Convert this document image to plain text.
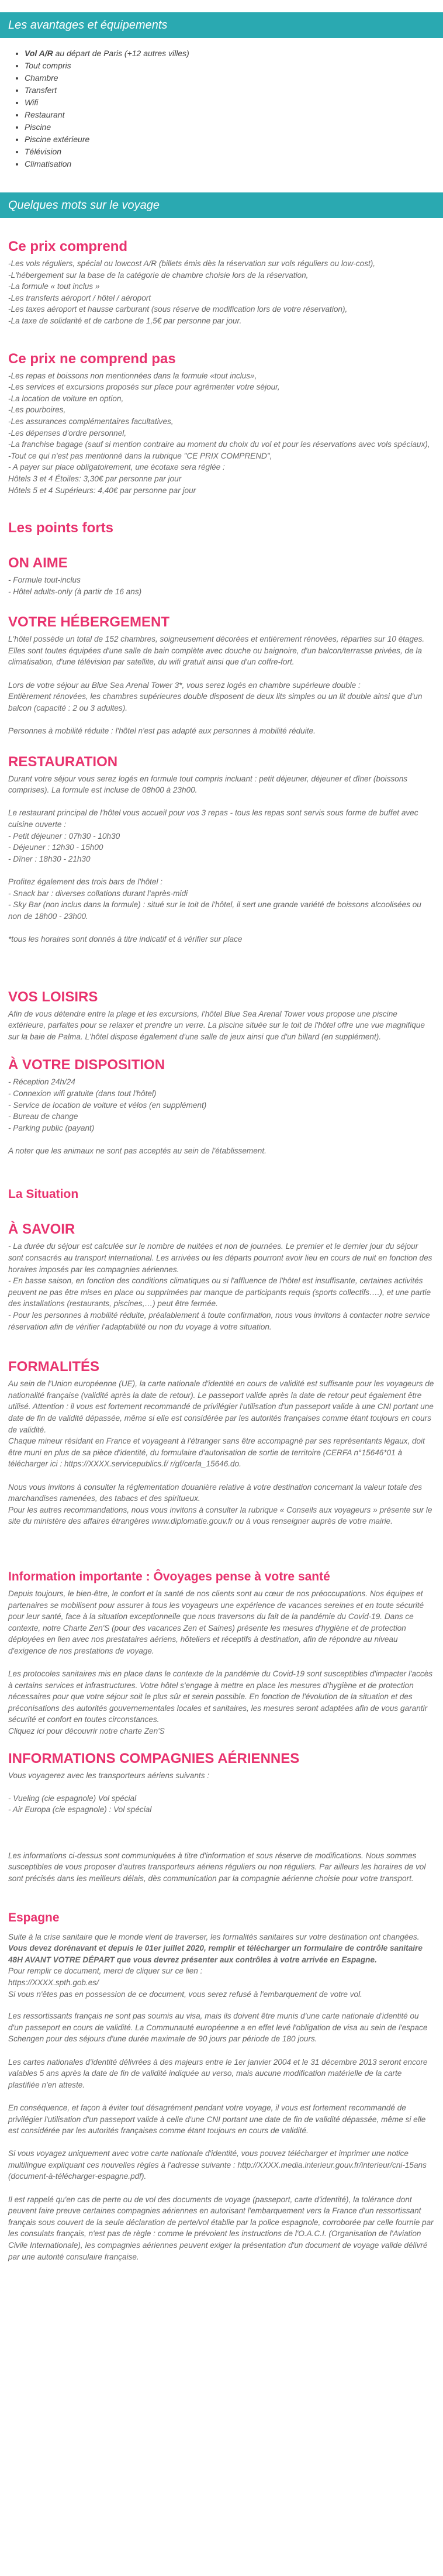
Les avantages et équipements
• Vol A/R au départ de Paris (+12 autres villes)
• Tout compris
• Chambre
• Transfert
• Wifi
• Restaurant
• Piscine
• Piscine extérieure
• Télévision
• Climatisation
Quelques mots sur le voyage
Ce prix comprend

-Les vols réguliers, spécial ou lowcost A/R (billets émis dès la réservation sur vols réguliers ou low-cost),
-L'hébergement sur la base de la catégorie de chambre choisie lors de la réservation,
-La formule « tout inclus »
-Les transferts aéroport / hôtel / aéroport
-Les taxes aéroport et hausse carburant (sous réserve de modification lors de votre réservation),
-La taxe de solidarité et de carbone de 1,5€ par personne par jour.

Ce prix ne comprend pas

-Les repas et boissons non mentionnées dans la formule «tout inclus»,
-Les services et excursions proposés sur place pour agrémenter votre séjour,
-La location de voiture en option,
-Les pourboires,
-Les assurances complémentaires facultatives,
-Les dépenses d'ordre personnel,
-La franchise bagage (sauf si mention contraire au moment du choix du vol et pour les réservations avec vols spéciaux),
-Tout ce qui n'est pas mentionné dans la rubrique "CE PRIX COMPREND",
- A payer sur place obligatoirement, une écotaxe sera réglée :
Hôtels 3 et 4 Étoiles: 3,30€ par personne par jour
Hôtels 5 et 4 Supérieurs: 4,40€ par personne par jour

Les points forts
ON AIME

- Formule tout-inclus
- Hôtel adults-only (à partir de 16 ans)

VOTRE HÉBERGEMENT

L'hôtel possède un total de 152 chambres, soigneusement décorées et entièrement rénovées, réparties sur 10 étages. Elles sont toutes équipées d'une salle de bain complète avec douche ou baignoire, d'un balcon/terrasse privées, de la climatisation, d'une télévision par satellite, du wifi gratuit ainsi que d'un coffre-fort.

Lors de votre séjour au Blue Sea Arenal Tower 3*, vous serez logés en chambre supérieure double :
Entièrement rénovées, les chambres supérieures double disposent de deux lits simples ou un lit double ainsi que d'un balcon (capacité : 2 ou 3 adultes).

Personnes à mobilité réduite : l'hôtel n'est pas adapté aux personnes à mobilité réduite.

RESTAURATION

Durant votre séjour vous serez logés en formule tout compris incluant : petit déjeuner, déjeuner et dîner (boissons comprises). La formule est incluse de 08h00 à 23h00.

Le restaurant principal de l'hôtel vous accueil pour vos 3 repas - tous les repas sont servis sous forme de buffet avec cuisine ouverte :
- Petit déjeuner : 07h30 - 10h30
- Déjeuner : 12h30 - 15h00
- Dîner : 18h30 - 21h30

Profitez également des trois bars de l'hôtel :
- Snack bar : diverses collations durant l'après-midi
- Sky Bar (non inclus dans la formule) : situé sur le toit de l'hôtel, il sert une grande variété de boissons alcoolisées ou non de 18h00 - 23h00.

*tous les horaires sont donnés à titre indicatif et à vérifier sur place

VOS LOISIRS

Afin de vous détendre entre la plage et les excursions, l'hôtel Blue Sea Arenal Tower vous propose une piscine extérieure, parfaites pour se relaxer et prendre un verre. La piscine située sur le toit de l'hôtel offre une vue magnifique sur la baie de Palma. L'hôtel dispose également d'une salle de jeux ainsi que d'un billard (en supplément).

À VOTRE DISPOSITION

- Réception 24h/24
- Connexion wifi gratuite (dans tout l'hôtel)
- Service de location de voiture et vélos (en supplément)
- Bureau de change
- Parking public (payant)

A noter que les animaux ne sont pas acceptés au sein de l'établissement.

La Situation
À SAVOIR

- La durée du séjour est calculée sur le nombre de nuitées et non de journées. Le premier et le dernier jour du séjour sont consacrés au transport international. Les arrivées ou les départs pourront avoir lieu en cours de nuit en fonction des horaires imposés par les compagnies aériennes.
- En basse saison, en fonction des conditions climatiques ou si l'affluence de l'hôtel est insuffisante, certaines activités peuvent ne pas être mises en place ou supprimées par manque de participants requis (sports collectifs….), et une partie des installations (restaurants, piscines,…) peut être fermée.
- Pour les personnes à mobilité réduite, préalablement à toute confirmation, nous vous invitons à contacter notre service réservation afin de vérifier l'adaptabilité ou non du voyage à votre situation.

FORMALITÉS

Au sein de l'Union européenne (UE), la carte nationale d'identité en cours de validité est suffisante pour les voyageurs de nationalité française (validité après la date de retour). Le passeport valide après la date de retour peut également être utilisé. Attention : il vous est fortement recommandé de privilégier l'utilisation d'un passeport valide à une CNI portant une date de fin de validité dépassée, même si elle est considérée par les autorités françaises comme étant toujours en cours de validité.
Chaque mineur résidant en France et voyageant à l'étranger sans être accompagné par ses représentants légaux, doit être muni en plus de sa pièce d'identité, du formulaire d'autorisation de sortie de territoire (CERFA n°15646*01 à télécharger ici : https://XXXX.servicepublics.f/ r/gf/cerfa_15646.do.

Nous vous invitons à consulter la réglementation douanière relative à votre destination concernant la valeur totale des marchandises ramenées, des tabacs et des spiritueux.
Pour les autres recommandations, nous vous invitons à consulter la rubrique « Conseils aux voyageurs » présente sur le site du ministère des affaires étrangères www.diplomatie.gouv.fr ou à vous renseigner auprès de votre mairie.

Information importante : Ôvoyages pense à votre santé

Depuis toujours, le bien-être, le confort et la santé de nos clients sont au cœur de nos préoccupations. Nos équipes et partenaires se mobilisent pour assurer à tous les voyageurs une expérience de vacances sereines et en toute sécurité pour leur santé, face à la situation exceptionnelle que nous traversons du fait de la pandémie du Covid-19. Dans ce contexte, notre Charte Zen'S (pour des vacances Zen et Saines) présente les mesures d'hygiène et de protection déployées en lien avec nos prestataires aériens, hôteliers et réceptifs à destination, afin de répondre au niveau d'exigence de nos prestations de voyage.

Les protocoles sanitaires mis en place dans le contexte de la pandémie du Covid-19 sont susceptibles d'impacter l'accès à certains services et infrastructures. Votre hôtel s'engage à mettre en place les mesures d'hygiène et de protection nécessaires pour que votre séjour soit le plus sûr et serein possible. En fonction de l'évolution de la situation et des préconisations des autorités gouvernementales locales et sanitaires, les mesures seront adaptées afin de vous garantir sécurité et confort en toutes circonstances.
Cliquez ici pour découvrir notre charte Zen'S

INFORMATIONS COMPAGNIES AÉRIENNES

Vous voyagerez avec les transporteurs aériens suivants :

- Vueling (cie espagnole) Vol spécial
- Air Europa (cie espagnole) : Vol spécial

Les informations ci-dessus sont communiquées à titre d'information et sous réserve de modifications. Nous sommes susceptibles de vous proposer d'autres transporteurs aériens réguliers ou non réguliers. Par ailleurs les horaires de vol sont précisés dans les meilleurs délais, dès communication par la compagnie aérienne choisie pour votre transport.

Espagne

Suite à la crise sanitaire que le monde vient de traverser, les formalités sanitaires sur votre destination ont changées.
Vous devez dorénavant et depuis le 01er juillet 2020, remplir et télécharger un formulaire de contrôle sanitaire 48H AVANT VOTRE DÉPART que vous devrez présenter aux contrôles à votre arrivée en Espagne.
Pour remplir ce document, merci de cliquer sur ce lien :
https://XXXX.spth.gob.es/
Si vous n'êtes pas en possession de ce document, vous serez refusé à l'embarquement de votre vol.

Les ressortissants français ne sont pas soumis au visa, mais ils doivent être munis d'une carte nationale d'identité ou d'un passeport en cours de validité. La Communauté européenne a en effet levé l'obligation de visa au sein de l'espace Schengen pour des séjours d'une durée maximale de 90 jours par période de 180 jours.

Les cartes nationales d'identité délivrées à des majeurs entre le 1er janvier 2004 et le 31 décembre 2013 seront encore valables 5 ans après la date de fin de validité indiquée au verso, mais aucune modification matérielle de la carte plastifiée n'en atteste.

En conséquence, et façon à éviter tout désagrément pendant votre voyage, il vous est fortement recommandé de privilégier l'utilisation d'un passeport valide à celle d'une CNI portant une date de fin de validité dépassée, même si elle est considérée par les autorités françaises comme étant toujours en cours de validité.

Si vous voyagez uniquement avec votre carte nationale d'identité, vous pouvez télécharger et imprimer une notice multilingue expliquant ces nouvelles règles à l'adresse suivante : http://XXXX.media.interieur.gouv.fr/interieur/cni-15ans (document-à-télécharger-espagne.pdf).

Il est rappelé qu'en cas de perte ou de vol des documents de voyage (passeport, carte d'identité), la tolérance dont peuvent faire preuve certaines compagnies aériennes en autorisant l'embarquement vers la France d'un ressortissant français sous couvert de la seule déclaration de perte/vol établie par la police espagnole, corroborée par celle fournie par les consulats français, n'est pas de règle : comme le prévoient les instructions de l'O.A.C.I. (Organisation de l'Aviation Civile Internationale), les compagnies aériennes peuvent exiger la présentation d'un document de voyage valide délivré par une autorité consulaire française.
